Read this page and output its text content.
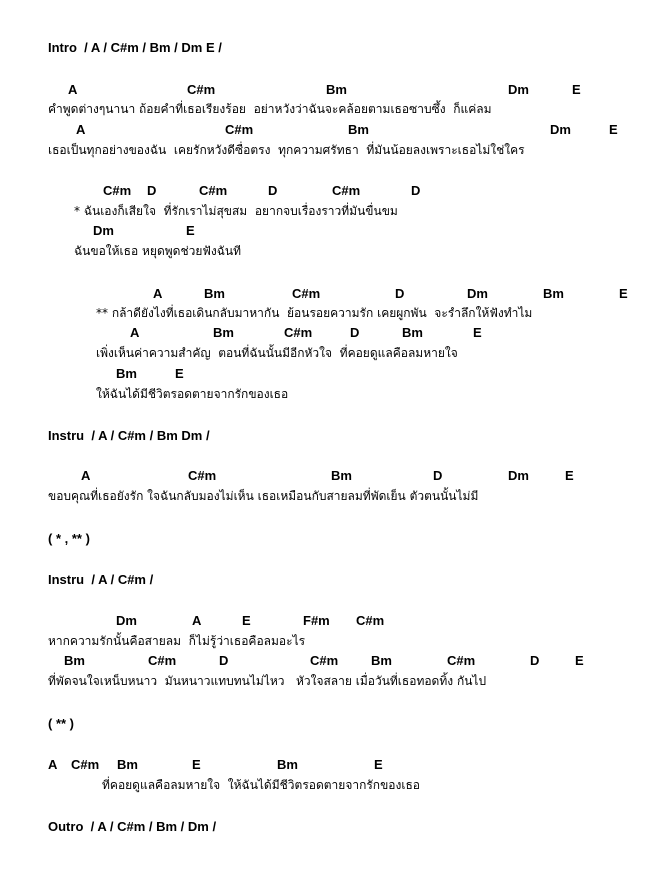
Intro  / A / C#m / Bm / Dm E /
A	C#m	Bm	Dm	E
คำพูดต่างๆนานา ถ้อยคำที่เธอเรียงร้อย  อย่าหวังว่าฉันจะคล้อยตามเธอซาบซึ้ง  ก็แค่ลม
A	C#m	Bm	Dm	E
เธอเป็นทุกอย่างของฉัน  เคยรักหวังดีซื่อตรง  ทุกความศรัทธา  ที่มันน้อยลงเพราะเธอไม่ใช่ใคร
C#m D	C#m	D	C#m	D
* ฉันเองก็เสียใจ  ที่รักเราไม่สุขสม  อยากจบเรื่องราวที่มันขื่นขม
Dm	E
ฉันขอให้เธอ หยุดพูดช่วยฟังฉันที
A	Bm	C#m	D	Dm	Bm	E
** กล้าดียังไงที่เธอเดินกลับมาหากัน  ย้อนรอยความรัก เคยผูกพัน  จะรำลึกให้ฟังทำไม
A	Bm	C#m	D	Bm	E
เพิ่งเห็นค่าความสำคัญ  ตอนที่ฉันนั้นมีอีกหัวใจ  ที่คอยดูแลคือลมหายใจ
Bm	E
ให้ฉันได้มีชีวิตรอดตายจากรักของเธอ
Instru  / A / C#m / Bm Dm /
A	C#m	Bm	D	Dm	E
ขอบคุณที่เธอยังรัก ใจฉันกลับมองไม่เห็น เธอเหมือนกับสายลมที่พัดเย็น ตัวตนนั้นไม่มี
( * , ** )
Instru  / A / C#m /
Dm	A	E	F#m C#m
หากความรักนั้นคือสายลม  ก็ไม่รู้ว่าเธอคือลมอะไร
Bm	C#m	D	C#m	Bm	C#m	D	E
ที่พัดจนใจเหน็บหนาว  มันหนาวแทบทนไม่ไหว   หัวใจสลาย เมื่อวันที่เธอทอดทิ้ง กันไป
( ** )
A C#m Bm	E	Bm	E
ที่คอยดูแลคือลมหายใจ  ให้ฉันได้มีชีวิตรอดตายจากรักของเธอ
Outro  / A / C#m / Bm / Dm /
